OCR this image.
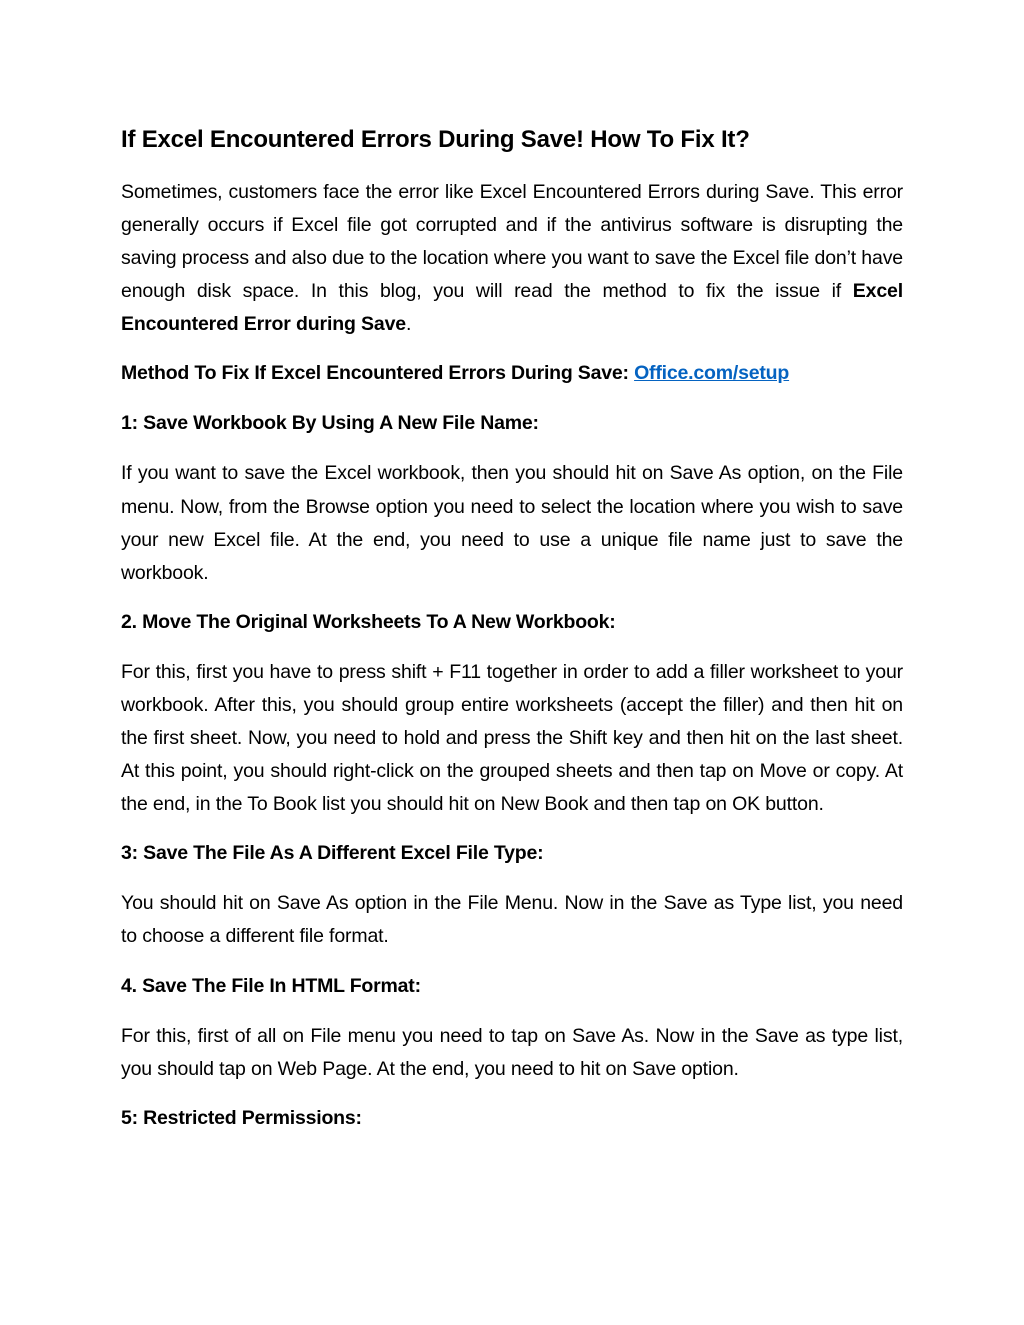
If Excel Encountered Errors During Save! How To Fix It?

Sometimes, customers face the error like Excel Encountered Errors during Save. This error generally occurs if Excel file got corrupted and if the antivirus software is disrupting the saving process and also due to the location where you want to save the Excel file don’t have enough disk space. In this blog, you will read the method to fix the issue if Excel Encountered Error during Save.

Method To Fix If Excel Encountered Errors During Save: Office.com/setup
1: Save Workbook By Using A New File Name:

If you want to save the Excel workbook, then you should hit on Save As option, on the File menu. Now, from the Browse option you need to select the location where you wish to save your new Excel file. At the end, you need to use a unique file name just to save the workbook.

2. Move The Original Worksheets To A New Workbook:

For this, first you have to press shift + F11 together in order to add a filler worksheet to your workbook. After this, you should group entire worksheets (accept the filler) and then hit on the first sheet. Now, you need to hold and press the Shift key and then hit on the last sheet. At this point, you should right-click on the grouped sheets and then tap on Move or copy. At the end, in the To Book list you should hit on New Book and then tap on OK button.

3: Save The File As A Different Excel File Type:

You should hit on Save As option in the File Menu. Now in the Save as Type list, you need to choose a different file format.

4. Save The File In HTML Format:

For this, first of all on File menu you need to tap on Save As. Now in the Save as type list, you should tap on Web Page. At the end, you need to hit on Save option.

5: Restricted Permissions:
